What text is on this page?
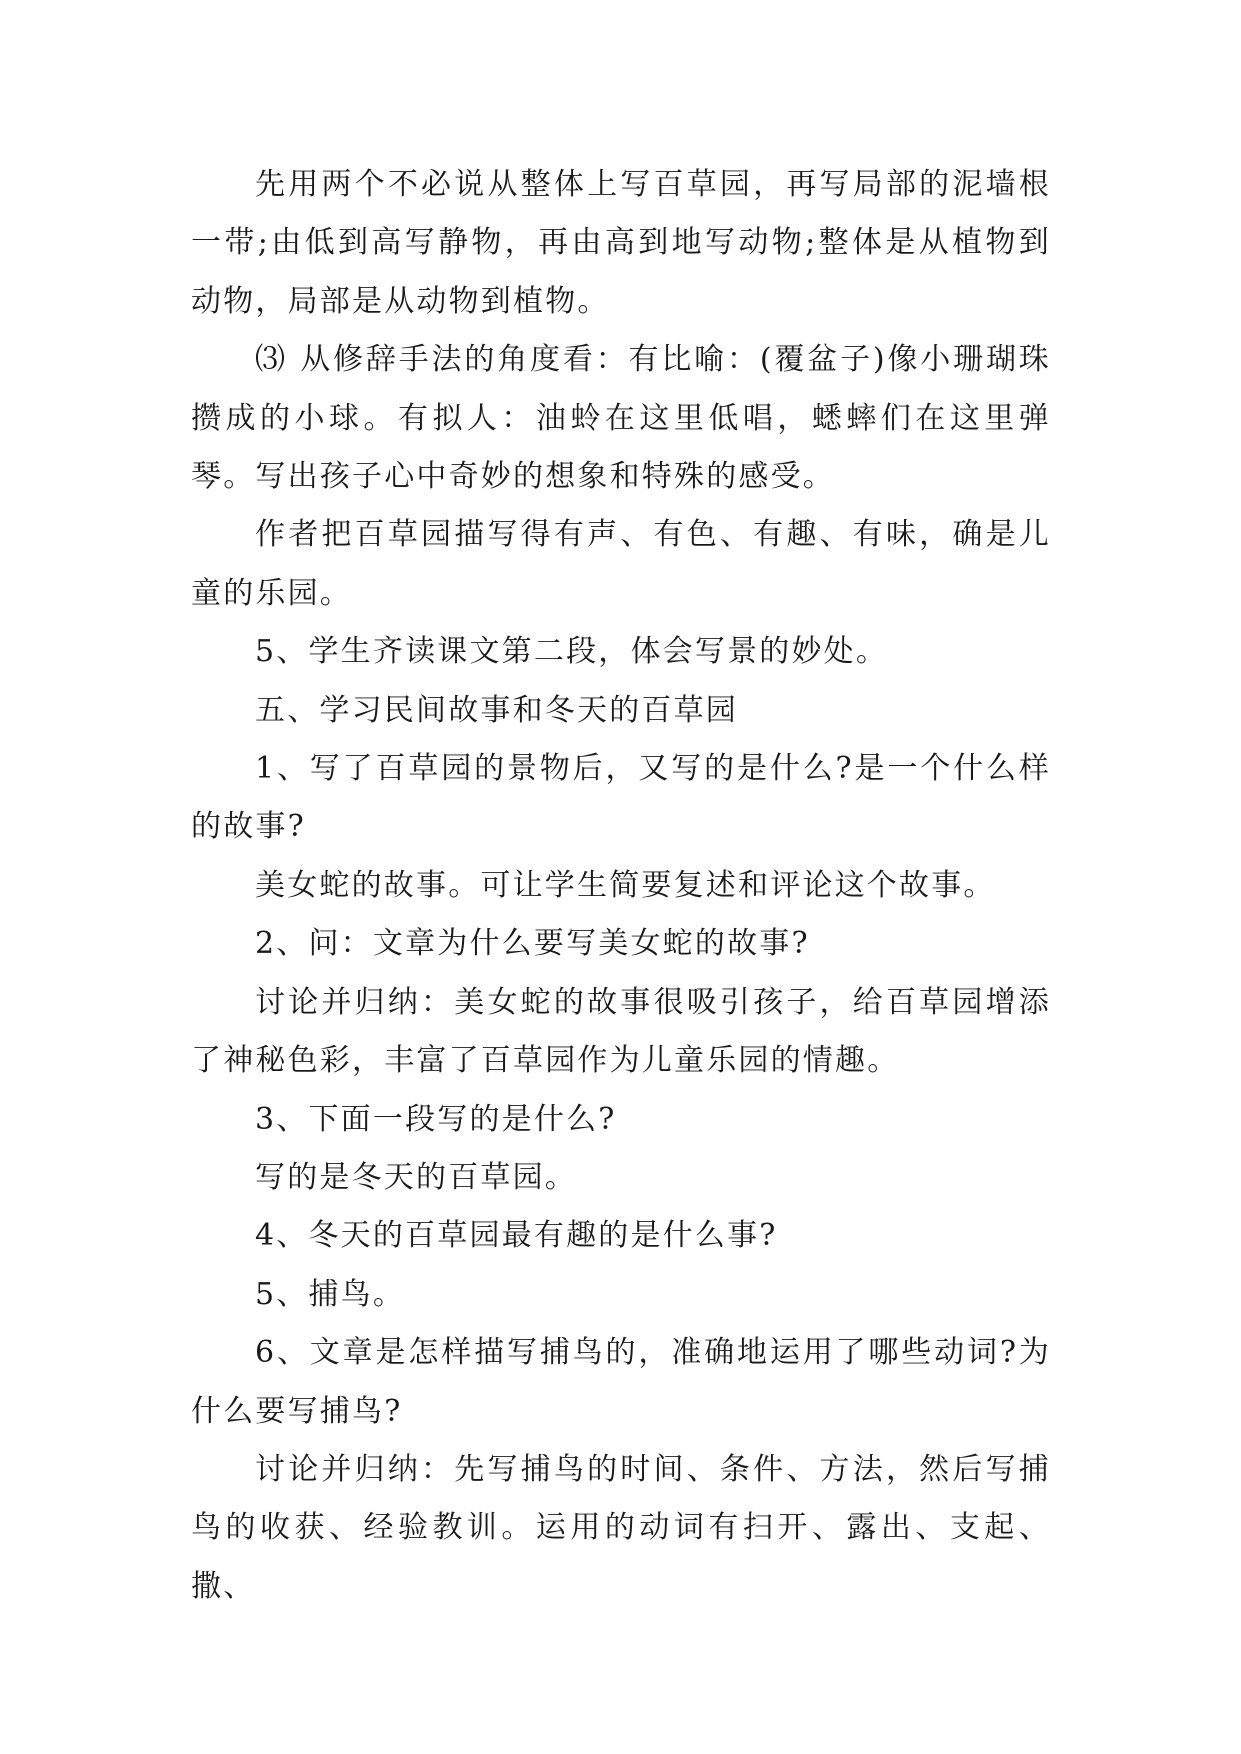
先用两个不必说从整体上写百草园，再写局部的泥墙根一带;由低到高写静物，再由高到地写动物;整体是从植物到动物，局部是从动物到植物。

⑶ 从修辞手法的角度看：有比喻：(覆盆子)像小珊瑚珠攒成的小球。有拟人：油蛉在这里低唱，蟋蟀们在这里弹琴。写出孩子心中奇妙的想象和特殊的感受。

作者把百草园描写得有声、有色、有趣、有味，确是儿童的乐园。

5、学生齐读课文第二段，体会写景的妙处。

五、学习民间故事和冬天的百草园

1、写了百草园的景物后，又写的是什么?是一个什么样的故事?

美女蛇的故事。可让学生简要复述和评论这个故事。

2、问：文章为什么要写美女蛇的故事?

讨论并归纳：美女蛇的故事很吸引孩子，给百草园增添了神秘色彩，丰富了百草园作为儿童乐园的情趣。

3、下面一段写的是什么?

写的是冬天的百草园。

4、冬天的百草园最有趣的是什么事?

5、捕鸟。

6、文章是怎样描写捕鸟的，准确地运用了哪些动词?为什么要写捕鸟?

讨论并归纳：先写捕鸟的时间、条件、方法，然后写捕鸟的收获、经验教训。运用的动词有扫开、露出、支起、撒、
